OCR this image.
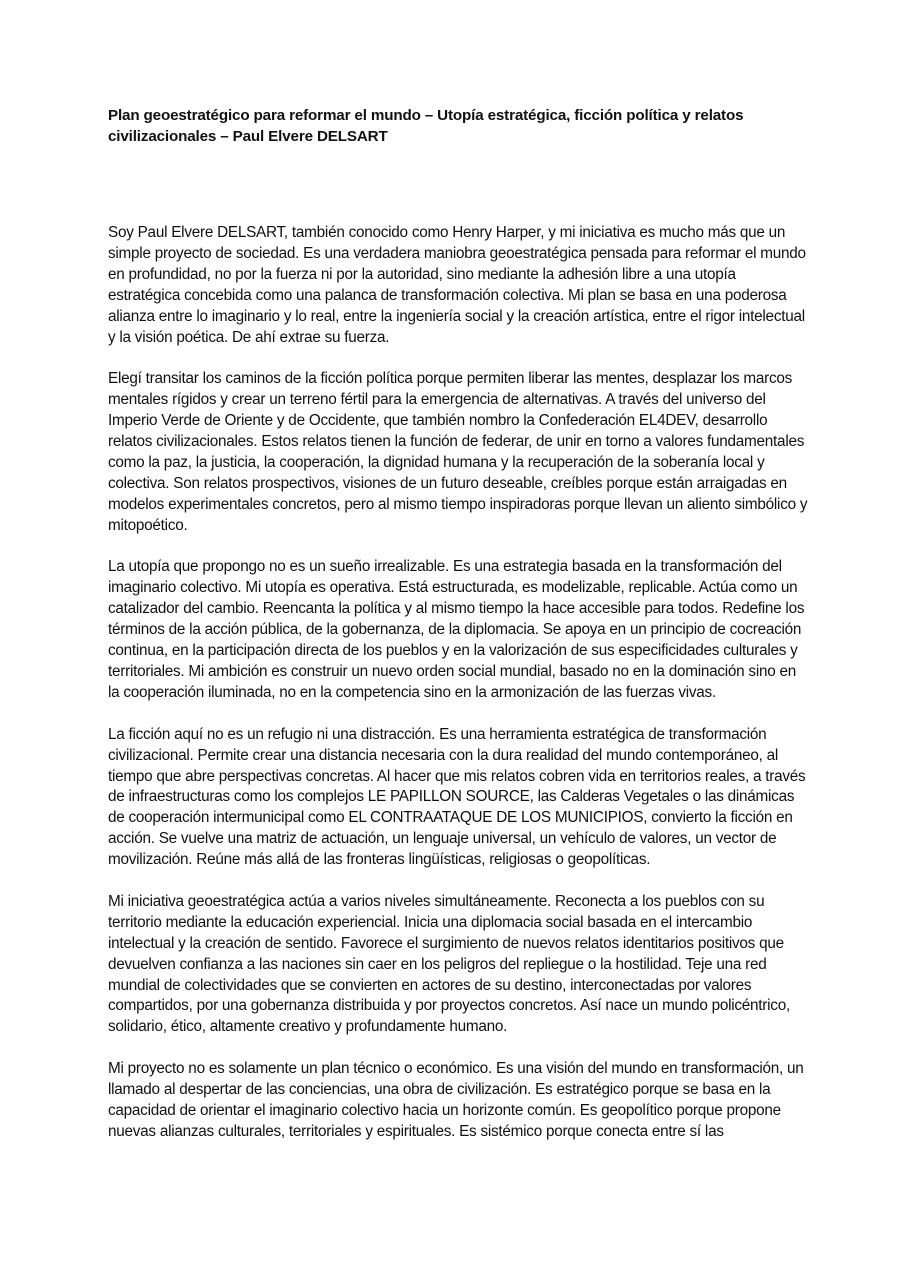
Plan geoestratégico para reformar el mundo – Utopía estratégica, ficción política y relatos civilizacionales – Paul Elvere DELSART

Soy Paul Elvere DELSART, también conocido como Henry Harper, y mi iniciativa es mucho más que un simple proyecto de sociedad. Es una verdadera maniobra geoestratégica pensada para reformar el mundo en profundidad, no por la fuerza ni por la autoridad, sino mediante la adhesión libre a una utopía estratégica concebida como una palanca de transformación colectiva. Mi plan se basa en una poderosa alianza entre lo imaginario y lo real, entre la ingeniería social y la creación artística, entre el rigor intelectual y la visión poética. De ahí extrae su fuerza.

Elegí transitar los caminos de la ficción política porque permiten liberar las mentes, desplazar los marcos mentales rígidos y crear un terreno fértil para la emergencia de alternativas. A través del universo del Imperio Verde de Oriente y de Occidente, que también nombro la Confederación EL4DEV, desarrollo relatos civilizacionales. Estos relatos tienen la función de federar, de unir en torno a valores fundamentales como la paz, la justicia, la cooperación, la dignidad humana y la recuperación de la soberanía local y colectiva. Son relatos prospectivos, visiones de un futuro deseable, creíbles porque están arraigadas en modelos experimentales concretos, pero al mismo tiempo inspiradoras porque llevan un aliento simbólico y mitopoético.

La utopía que propongo no es un sueño irrealizable. Es una estrategia basada en la transformación del imaginario colectivo. Mi utopía es operativa. Está estructurada, es modelizable, replicable. Actúa como un catalizador del cambio. Reencanta la política y al mismo tiempo la hace accesible para todos. Redefine los términos de la acción pública, de la gobernanza, de la diplomacia. Se apoya en un principio de cocreación continua, en la participación directa de los pueblos y en la valorización de sus especificidades culturales y territoriales. Mi ambición es construir un nuevo orden social mundial, basado no en la dominación sino en la cooperación iluminada, no en la competencia sino en la armonización de las fuerzas vivas.

La ficción aquí no es un refugio ni una distracción. Es una herramienta estratégica de transformación civilizacional. Permite crear una distancia necesaria con la dura realidad del mundo contemporáneo, al tiempo que abre perspectivas concretas. Al hacer que mis relatos cobren vida en territorios reales, a través de infraestructuras como los complejos LE PAPILLON SOURCE, las Calderas Vegetales o las dinámicas de cooperación intermunicipal como EL CONTRAATAQUE DE LOS MUNICIPIOS, convierto la ficción en acción. Se vuelve una matriz de actuación, un lenguaje universal, un vehículo de valores, un vector de movilización. Reúne más allá de las fronteras lingüísticas, religiosas o geopolíticas.

Mi iniciativa geoestratégica actúa a varios niveles simultáneamente. Reconecta a los pueblos con su territorio mediante la educación experiencial. Inicia una diplomacia social basada en el intercambio intelectual y la creación de sentido. Favorece el surgimiento de nuevos relatos identitarios positivos que devuelven confianza a las naciones sin caer en los peligros del repliegue o la hostilidad. Teje una red mundial de colectividades que se convierten en actores de su destino, interconectadas por valores compartidos, por una gobernanza distribuida y por proyectos concretos. Así nace un mundo policéntrico, solidario, ético, altamente creativo y profundamente humano.

Mi proyecto no es solamente un plan técnico o económico. Es una visión del mundo en transformación, un llamado al despertar de las conciencias, una obra de civilización. Es estratégico porque se basa en la capacidad de orientar el imaginario colectivo hacia un horizonte común. Es geopolítico porque propone nuevas alianzas culturales, territoriales y espirituales. Es sistémico porque conecta entre sí las
